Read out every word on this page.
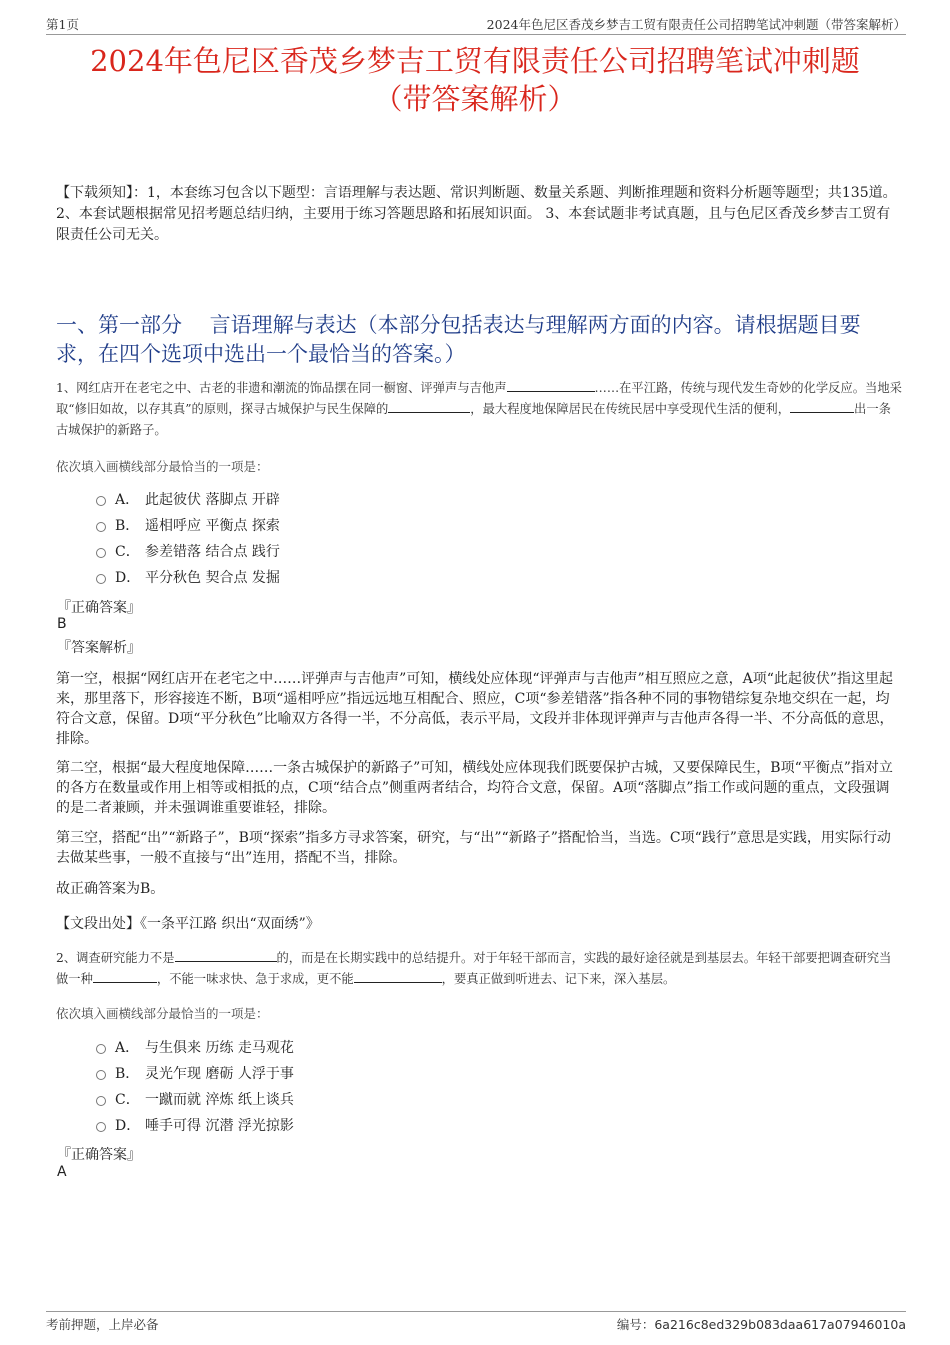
第1页	2024年色尼区香茂乡梦吉工贸有限责任公司招聘笔试冲刺题（带答案解析）
2024年色尼区香茂乡梦吉工贸有限责任公司招聘笔试冲刺题
（带答案解析）
【下载须知】：1，本套练习包含以下题型：言语理解与表达题、常识判断题、数量关系题、判断推理题和资料分析题等题型；共135道。 2、本套试题根据常见招考题总结归纳，主要用于练习答题思路和拓展知识面。 3、本套试题非考试真题，且与色尼区香茂乡梦吉工贸有限责任公司无关。
一、第一部分　 言语理解与表达（本部分包括表达与理解两方面的内容。请根据题目要求，在四个选项中选出一个最恰当的答案。）
1、网红店开在老宅之中、古老的非遗和潮流的饰品摆在同一橱窗、评弹声与吉他声	……在平江路，传统与现代发生奇妙的化学反应。当地采取“修旧如故，以存其真”的原则，探寻古城保护与民生保障的	，最大程度地保障居民在传统民居中享受现代生活的便利，	出一条古城保护的新路子。
依次填入画横线部分最恰当的一项是：
A． 此起彼伏 落脚点 开辟
B． 遥相呼应 平衡点 探索
C． 参差错落 结合点 践行
D． 平分秋色 契合点 发掘
『正确答案』
B
『答案解析』
第一空，根据“网红店开在老宅之中……评弹声与吉他声”可知，横线处应体现“评弹声与吉他声”相互照应之意，A项“此起彼伏”指这里起来，那里落下，形容接连不断，B项“遥相呼应”指远远地互相配合、照应，C项“参差错落”指各种不同的事物错综复杂地交织在一起，均符合文意，保留。D项“平分秋色”比喻双方各得一半，不分高低，表示平局，文段并非体现评弹声与吉他声各得一半、不分高低的意思，排除。
第二空，根据“最大程度地保障……一条古城保护的新路子”可知，横线处应体现我们既要保护古城，又要保障民生，B项“平衡点”指对立的各方在数量或作用上相等或相抵的点，C项“结合点”侧重两者结合，均符合文意，保留。A项“落脚点”指工作或问题的重点，文段强调的是二者兼顾，并未强调谁重要谁轻，排除。
第三空，搭配“出”“新路子”，B项“探索”指多方寻求答案，研究，与“出”“新路子”搭配恰当，当选。C项“践行”意思是实践，用实际行动去做某些事，一般不直接与“出”连用，搭配不当，排除。
故正确答案为B。
【文段出处】《一条平江路 织出“双面绣”》
2、调查研究能力不是	的，而是在长期实践中的总结提升。对于年轻干部而言，实践的最好途径就是到基层去。年轻干部要把调查研究当做一种	，不能一味求快、急于求成，更不能	，要真正做到听进去、记下来，深入基层。
依次填入画横线部分最恰当的一项是：
A． 与生俱来 历练 走马观花
B． 灵光乍现 磨砺 人浮于事
C． 一蹴而就 淬炼 纸上谈兵
D． 唾手可得 沉潜 浮光掠影
『正确答案』
A
考前押题，上岸必备	编号：6a216c8ed329b083daa617a07946010a
